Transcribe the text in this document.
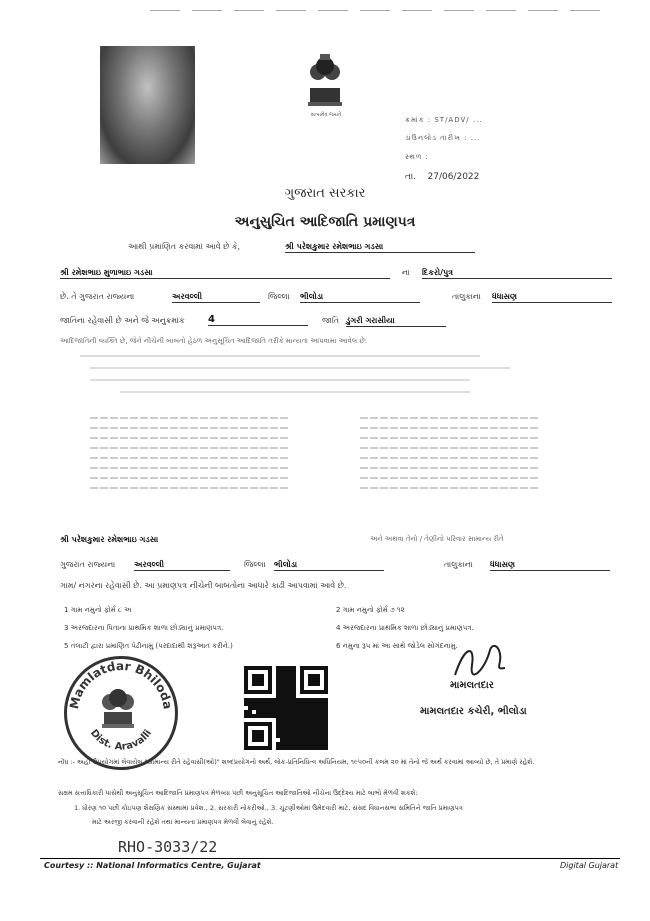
સત્યમેવ જયતે
ક્રમાંક : ST/ADV/ ...
ડાઉનલોડ તારીખ : ...
સ્થળ :
તા. 27/06/2022
ગુજરાત સરકાર
અનુસુચિત આદિજાતિ પ્રમાણપત્ર
આથી પ્રમાણિત કરવામાં આવે છે કે,	શ્રી પરેશકુમાર રમેશભાઇ ગડસા
શ્રી રમેશભાઇ મુળાભાઇ ગડસા	ના દિકરો/પુત્ર
છે. તે ગુજરાત રાજ્યના	અરવલ્લી	જિલ્લા ભીલોડા	તાલુકાના ધંધાસણ
જાતિના રહેવાસી છે અને જે અનુક્રમાંક 4	જાતિ ડુંગરી ગરાસીયા
આદિજાતિની વ્યક્તિ છે, જેને નીચેની બાબતો હેઠળ અનુસૂચિત આદિજાતિ તરીકે માન્યતા આપવામાં આવેલ છે:
શ્રી પરેશકુમાર રમેશભાઇ ગડસા	અને અથવા તેનો / તેણીનો પરિવાર સામાન્ય રીતે
ગુજરાત રાજ્યના અરવલ્લી	જિલ્લા ભીલોડા	તાલુકાના ધંધાસણ
ગામ/ નગરના રહેવાસી છે. આ પ્રમાણપત્ર નીચેની બાબતોના આધારે કાઢી આપવામાં આવે છે.
1 ગામ નમુનો ફોર્મ ૮ અ	2 ગામ નમુનો ફોર્મ ૭ ૧૨
3 અરજદારના પિતાના પ્રાથમિક શાળા છોડ્યાનું પ્રમાણપત્ર.	4 અરજદારના પ્રાથમિક શાળા છોડ્યાનું પ્રમાણપત્ર.
5 તલાટી દ્વારા પ્રમાણિત પેઢીનામું (પરદાદાથી શરૂઆત કરીને.)	6 નમુના રૂપ માં આ સાથે જોડેલ સોગંદનામું.
Mamlatdar Bhiloda
Dist. Aravalli
મામલતદાર
મામલતદાર કચેરી, ભીલોડા
નોંધ :- અહીં ઉપયોગમાં લેવાયેલ "સામાન્ય રીતે રહેવાસી(ઓ)" શબ્દપ્રયોગનો અર્થ, લોક-પ્રતિનિધિત્વ અધિનિયમ, ૧૯૫૦ની કલમ ૨૦ માં તેનો જે અર્થ કરવામાં આવ્યો છે, તે પ્રમાણે રહેશે.
સક્ષમ સત્તાધિકારી પાસેથી અનુસૂચિત આદિજાતિ પ્રમાણપત્ર મેળવ્યા પછી અનુસૂચિત આદિજાતિઓ નીચેના ઉદ્દેશ્ય માટે લાભો મેળવી શકશે:
1. ધોરણ ૧૦ પછી કોઇપણ શૈક્ષણિક સંસ્થામાં પ્રવેશ., 2. સરકારી નોકરીઓ., 3. ચૂંટણીઓમાં ઉમેદવારી માટે, સંસદ વિધાનસભા સમિતિને જાતિ પ્રમાણપત્ર
માટે અરજી કરવાની રહેશે તથા માન્યતા પ્રમાણપત્ર મેળવી લેવાનું રહેશે.
RHO-3033/22
Courtesy :: National Informatics Centre, Gujarat	Digital Gujarat
